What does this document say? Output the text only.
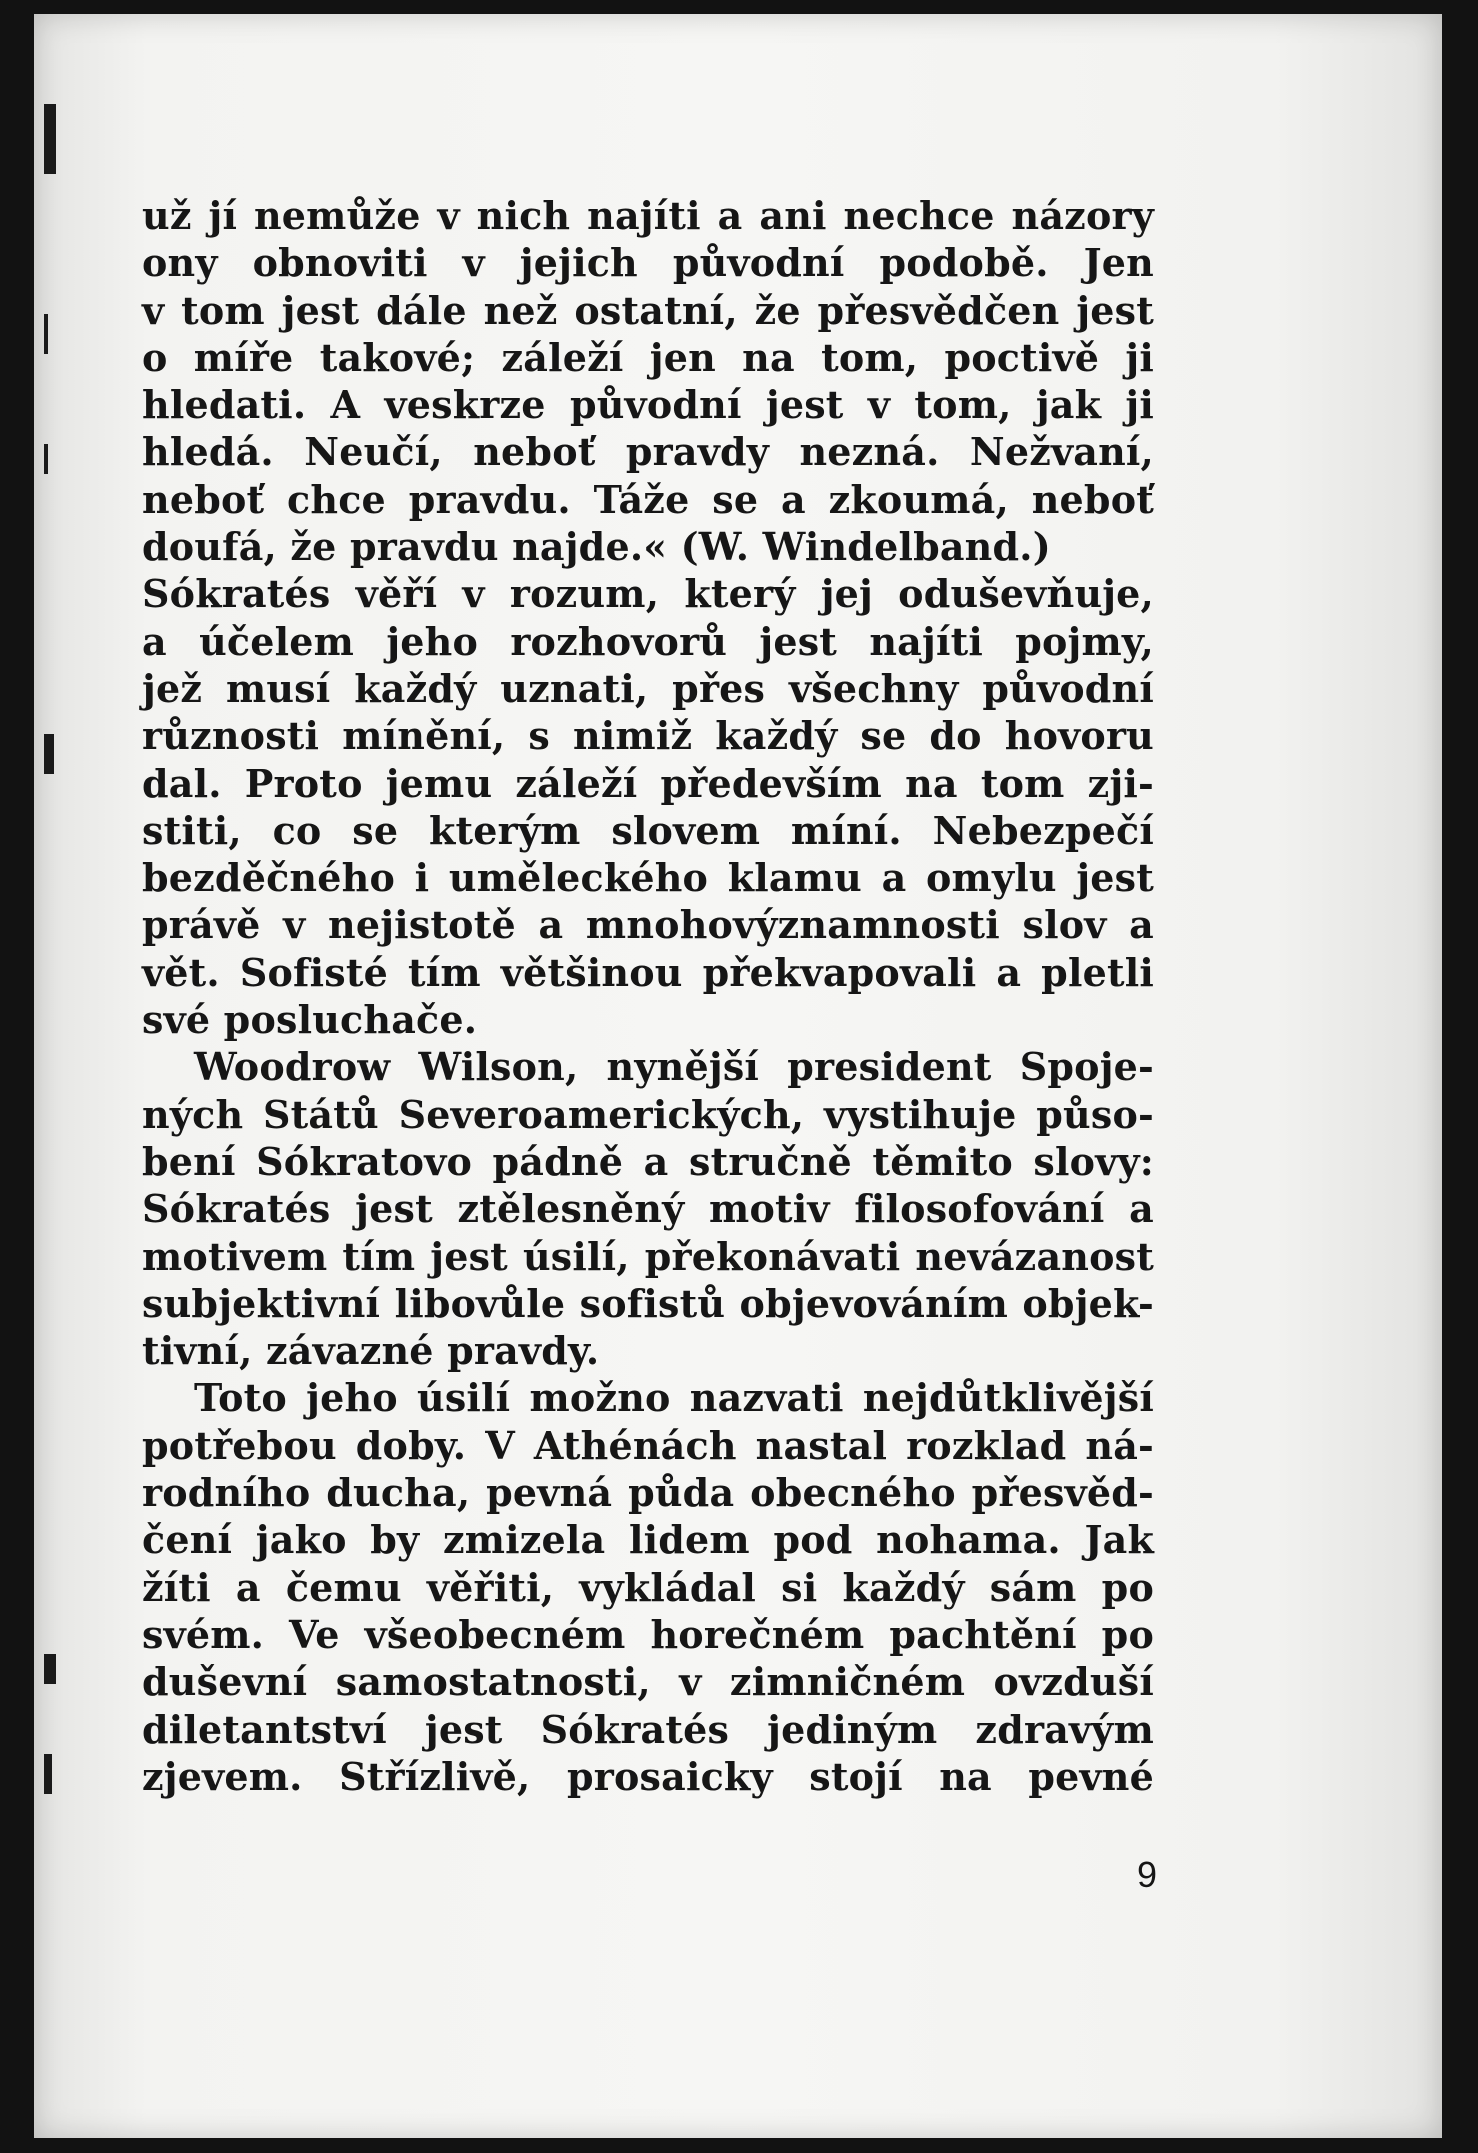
už jí nemůže v nich najíti a ani nechce názory
ony obnoviti v jejich původní podobě. Jen
v tom jest dále než ostatní, že přesvědčen jest
o míře takové; záleží jen na tom, poctivě ji
hledati. A veskrze původní jest v tom, jak ji
hledá. Neučí, neboť pravdy nezná. Nežvaní,
neboť chce pravdu. Táže se a zkoumá, neboť
doufá, že pravdu najde.« (W. Windelband.)
Sókratés věří v rozum, který jej oduševňuje,
a účelem jeho rozhovorů jest najíti pojmy,
jež musí každý uznati, přes všechny původní
různosti mínění, s nimiž každý se do hovoru
dal. Proto jemu záleží především na tom zji-
stiti, co se kterým slovem míní. Nebezpečí
bezděčného i uměleckého klamu a omylu jest
právě v nejistotě a mnohovýznamnosti slov a
vět. Sofisté tím většinou překvapovali a pletli
své posluchače.
Woodrow Wilson, nynější president Spoje-
ných Států Severoamerických, vystihuje půso-
bení Sókratovo pádně a stručně těmito slovy:
Sókratés jest ztělesněný motiv filosofování a
motivem tím jest úsilí, překonávati nevázanost
subjektivní libovůle sofistů objevováním objek-
tivní, závazné pravdy.
Toto jeho úsilí možno nazvati nejdůtklivější
potřebou doby. V Athénách nastal rozklad ná-
rodního ducha, pevná půda obecného přesvěd-
čení jako by zmizela lidem pod nohama. Jak
žíti a čemu věřiti, vykládal si každý sám po
svém. Ve všeobecném horečném pachtění po
duševní samostatnosti, v zimničném ovzduší
diletantství jest Sókratés jediným zdravým
zjevem. Střízlivě, prosaicky stojí na pevné
9
